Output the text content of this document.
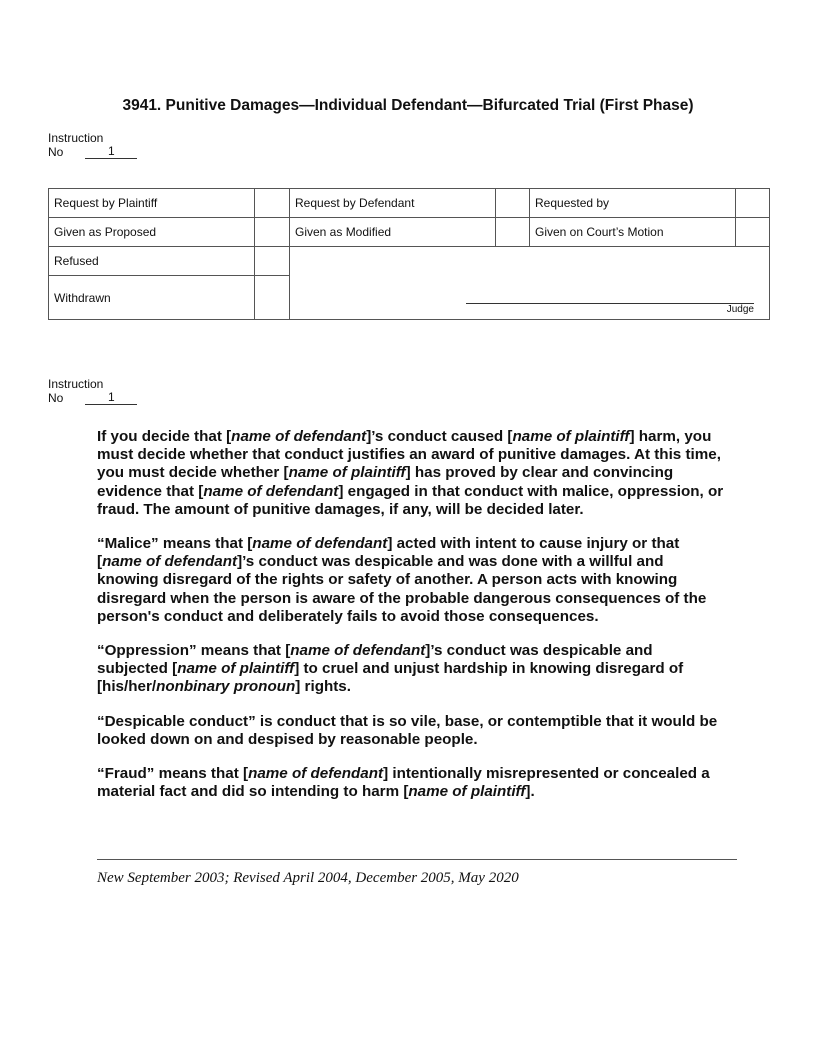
3941. Punitive Damages—Individual Defendant—Bifurcated Trial (First Phase)
Instruction
No	1
Request by Plaintiff		Request by Defendant		Requested by	
Given as Proposed		Given as Modified		Given on Court’s Motion	
Refused					
Withdrawn					
Judge
Instruction
No	1

If you decide that [name of defendant]’s conduct caused [name of plaintiff] harm, you must decide whether that conduct justifies an award of punitive damages. At this time, you must decide whether [name of plaintiff] has proved by clear and convincing evidence that [name of defendant] engaged in that conduct with malice, oppression, or fraud. The amount of punitive damages, if any, will be decided later.

“Malice” means that [name of defendant] acted with intent to cause injury or that [name of defendant]’s conduct was despicable and was done with a willful and knowing disregard of the rights or safety of another. A person acts with knowing disregard when the person is aware of the probable dangerous consequences of the person's conduct and deliberately fails to avoid those consequences.

“Oppression” means that [name of defendant]’s conduct was despicable and subjected [name of plaintiff] to cruel and unjust hardship in knowing disregard of [his/her/nonbinary pronoun] rights.

“Despicable conduct” is conduct that is so vile, base, or contemptible that it would be looked down on and despised by reasonable people.

“Fraud” means that [name of defendant] intentionally misrepresented or concealed a material fact and did so intending to harm [name of plaintiff].

New September 2003; Revised April 2004, December 2005, May 2020
